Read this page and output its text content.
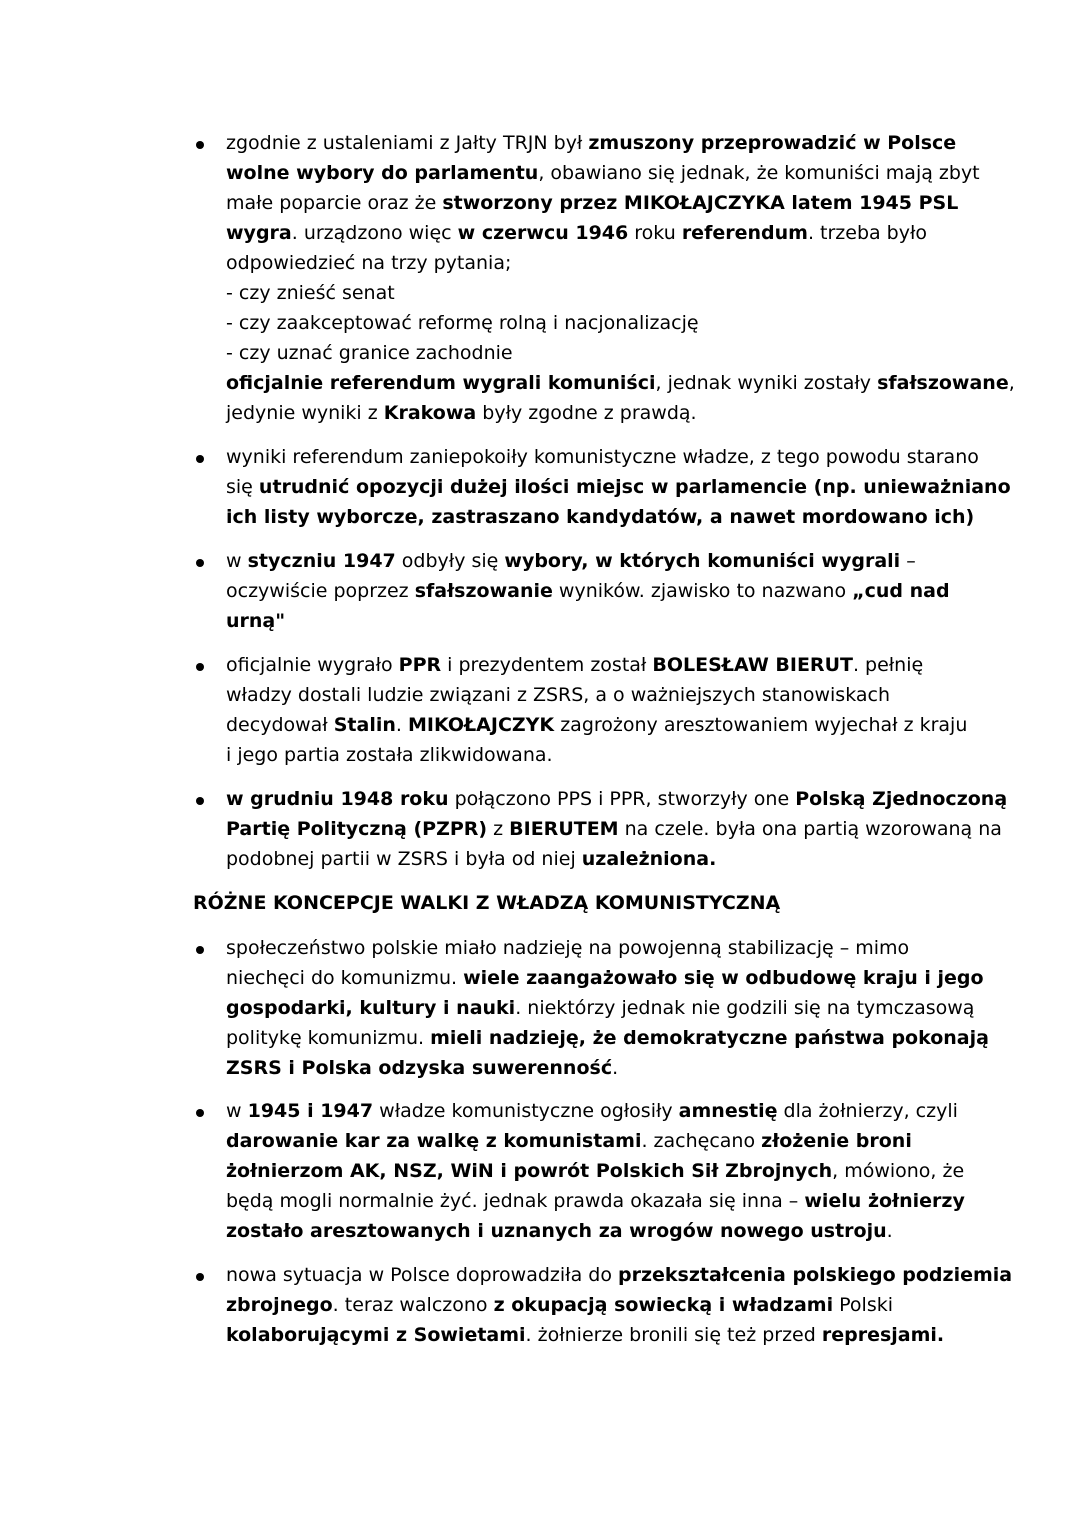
zgodnie z ustaleniami z Jałty TRJN był zmuszony przeprowadzić w Polsce
wolne wybory do parlamentu, obawiano się jednak, że komuniści mają zbyt
małe poparcie oraz że stworzony przez MIKOŁAJCZYKA latem 1945 PSL
wygra. urządzono więc w czerwcu 1946 roku referendum. trzeba było
odpowiedzieć na trzy pytania;
- czy znieść senat
- czy zaakceptować reformę rolną i nacjonalizację
- czy uznać granice zachodnie
oficjalnie referendum wygrali komuniści, jednak wyniki zostały sfałszowane,
jedynie wyniki z Krakowa były zgodne z prawdą.
wyniki referendum zaniepokoiły komunistyczne władze, z tego powodu starano
się utrudnić opozycji dużej ilości miejsc w parlamencie (np. unieważniano
ich listy wyborcze, zastraszano kandydatów, a nawet mordowano ich)
w styczniu 1947 odbyły się wybory, w których komuniści wygrali –
oczywiście poprzez sfałszowanie wyników. zjawisko to nazwano „cud nad
urną"
oficjalnie wygrało PPR i prezydentem został BOLESŁAW BIERUT. pełnię
władzy dostali ludzie związani z ZSRS, a o ważniejszych stanowiskach
decydował Stalin. MIKOŁAJCZYK zagrożony aresztowaniem wyjechał z kraju
i jego partia została zlikwidowana.
w grudniu 1948 roku połączono PPS i PPR, stworzyły one Polską Zjednoczoną
Partię Polityczną (PZPR) z BIERUTEM na czele. była ona partią wzorowaną na
podobnej partii w ZSRS i była od niej uzależniona.
RÓŻNE KONCEPCJE WALKI Z WŁADZĄ KOMUNISTYCZNĄ
społeczeństwo polskie miało nadzieję na powojenną stabilizację – mimo
niechęci do komunizmu. wiele zaangażowało się w odbudowę kraju i jego
gospodarki, kultury i nauki. niektórzy jednak nie godzili się na tymczasową
politykę komunizmu. mieli nadzieję, że demokratyczne państwa pokonają
ZSRS i Polska odzyska suwerenność.
w 1945 i 1947 władze komunistyczne ogłosiły amnestię dla żołnierzy, czyli
darowanie kar za walkę z komunistami. zachęcano złożenie broni
żołnierzom AK, NSZ, WiN i powrót Polskich Sił Zbrojnych, mówiono, że
będą mogli normalnie żyć. jednak prawda okazała się inna – wielu żołnierzy
zostało aresztowanych i uznanych za wrogów nowego ustroju.
nowa sytuacja w Polsce doprowadziła do przekształcenia polskiego podziemia
zbrojnego. teraz walczono z okupacją sowiecką i władzami Polski
kolaborującymi z Sowietami. żołnierze bronili się też przed represjami.
